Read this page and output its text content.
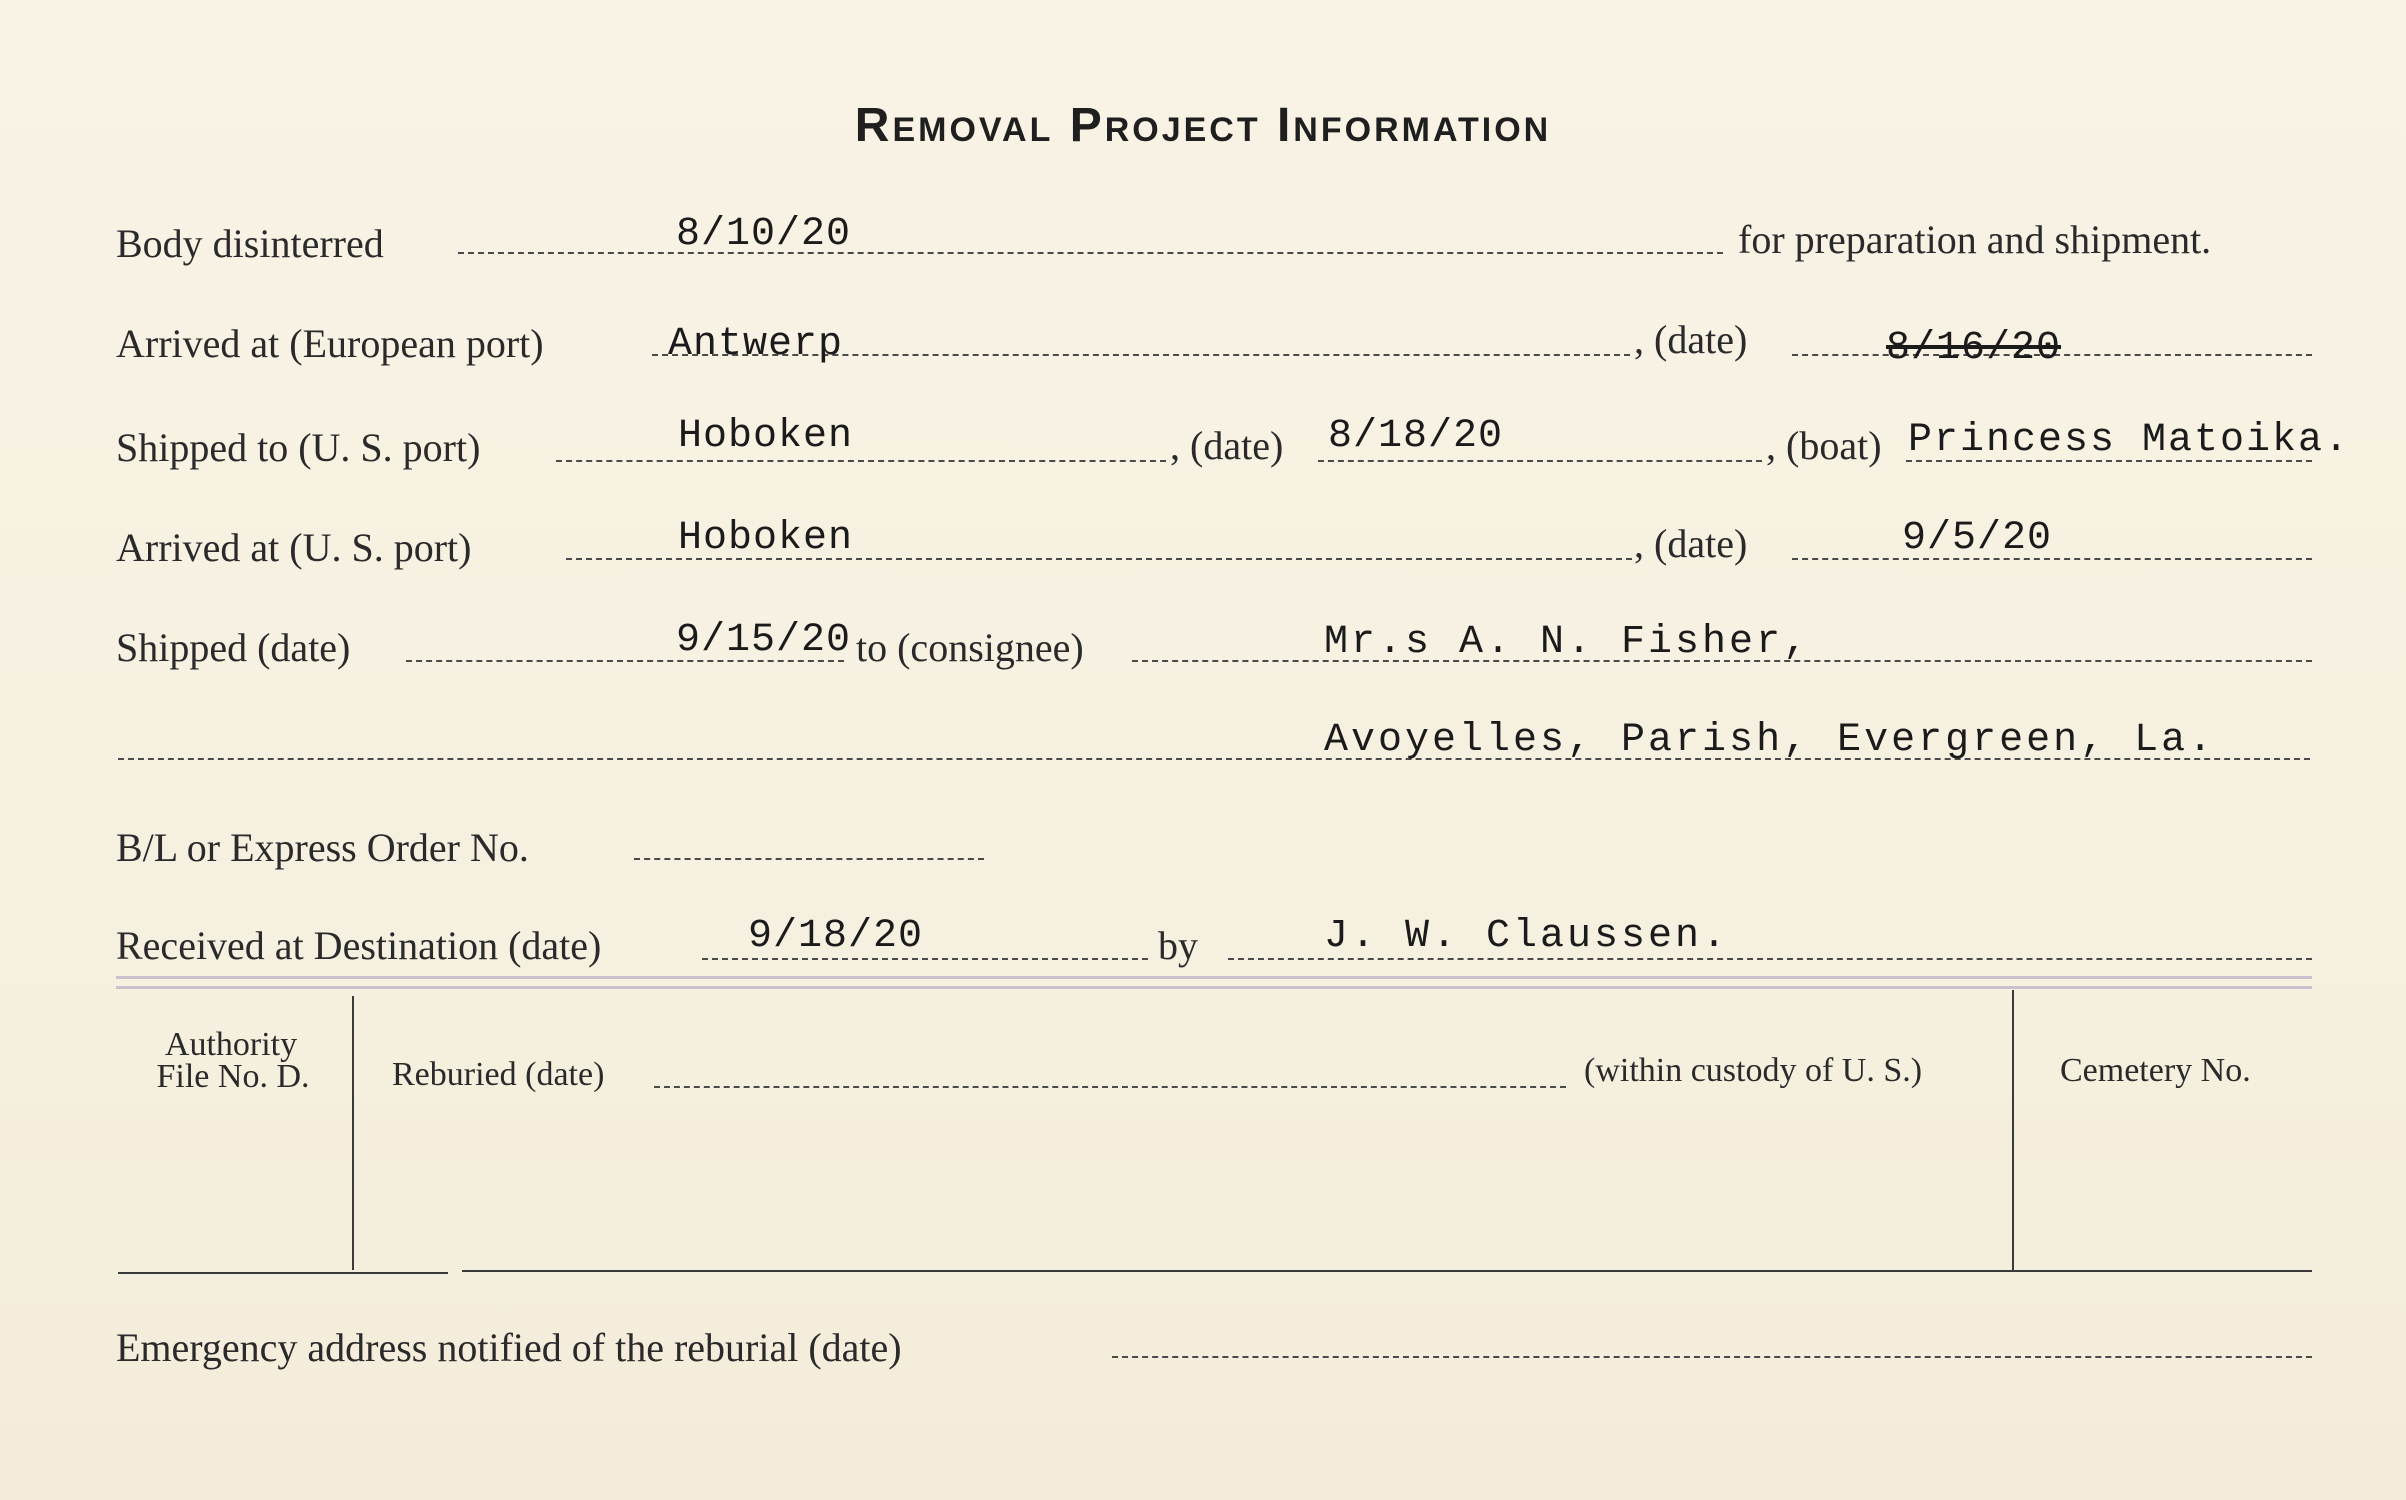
Removal Project Information
Body disinterred	8/10/20	for preparation and shipment.
Arrived at (European port)	Antwerp	, (date)	8/16/20
Shipped to (U. S. port)	Hoboken	, (date) 8/18/20	, (boat) Princess Matoika.
Arrived at (U. S. port)	Hoboken	, (date)	9/5/20
Shipped (date)	9/15/20 to (consignee)	Mr.s A. N. Fisher,
Avoyelles, Parish, Evergreen, La.
B/L or Express Order No.
Received at Destination (date)	9/18/20	by	J. W. Claussen.
Authority
File No. D.	Reburied (date)	(within custody of U. S.)	Cemetery No.
Emergency address notified of the reburial (date)
